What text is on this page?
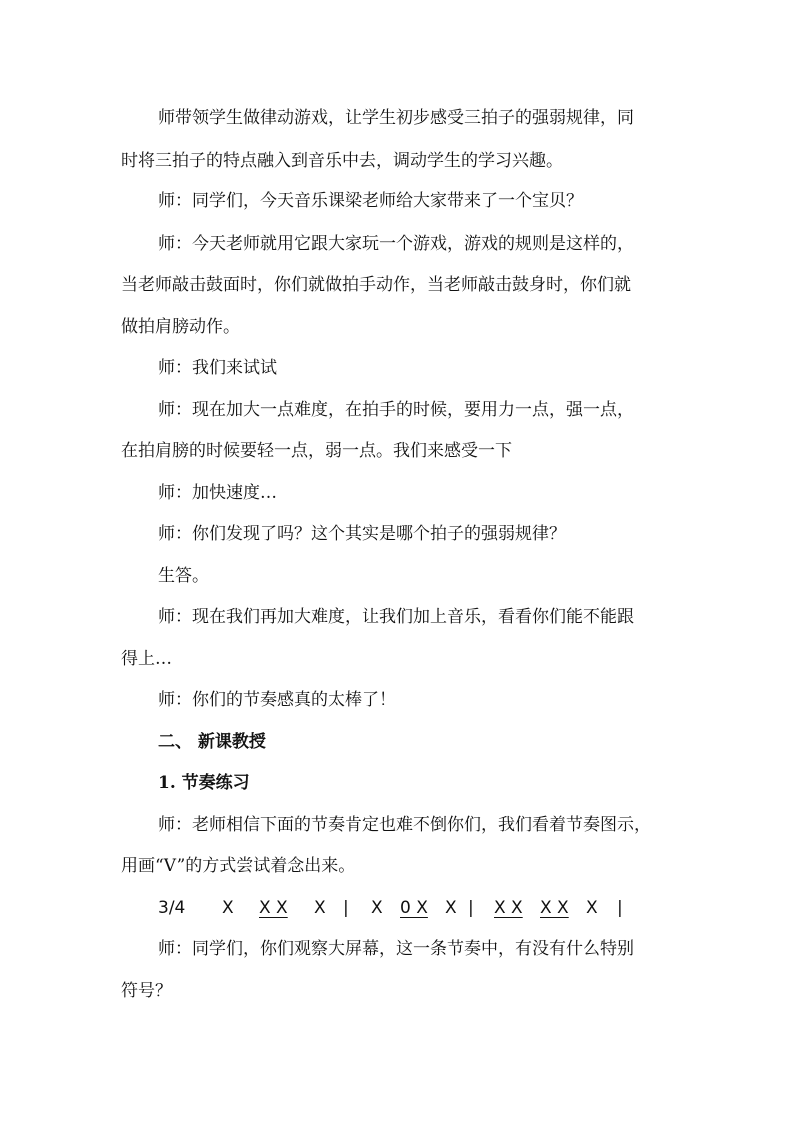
师带领学生做律动游戏，让学生初步感受三拍子的强弱规律，同
时将三拍子的特点融入到音乐中去，调动学生的学习兴趣。
师：同学们，今天音乐课梁老师给大家带来了一个宝贝？
师：今天老师就用它跟大家玩一个游戏，游戏的规则是这样的，
当老师敲击鼓面时，你们就做拍手动作，当老师敲击鼓身时，你们就
做拍肩膀动作。
师：我们来试试
师：现在加大一点难度，在拍手的时候，要用力一点，强一点，
在拍肩膀的时候要轻一点，弱一点。我们来感受一下
师：加快速度…
师：你们发现了吗？这个其实是哪个拍子的强弱规律？
生答。
师：现在我们再加大难度，让我们加上音乐，看看你们能不能跟
得上…
师：你们的节奏感真的太棒了！
二、 新课教授
1. 节奏练习
师：老师相信下面的节奏肯定也难不倒你们，我们看着节奏图示，
用画“V”的方式尝试着念出来。
3/4 X X X X | X 0 X X | X X X X X |
师：同学们，你们观察大屏幕，这一条节奏中，有没有什么特别
符号？
